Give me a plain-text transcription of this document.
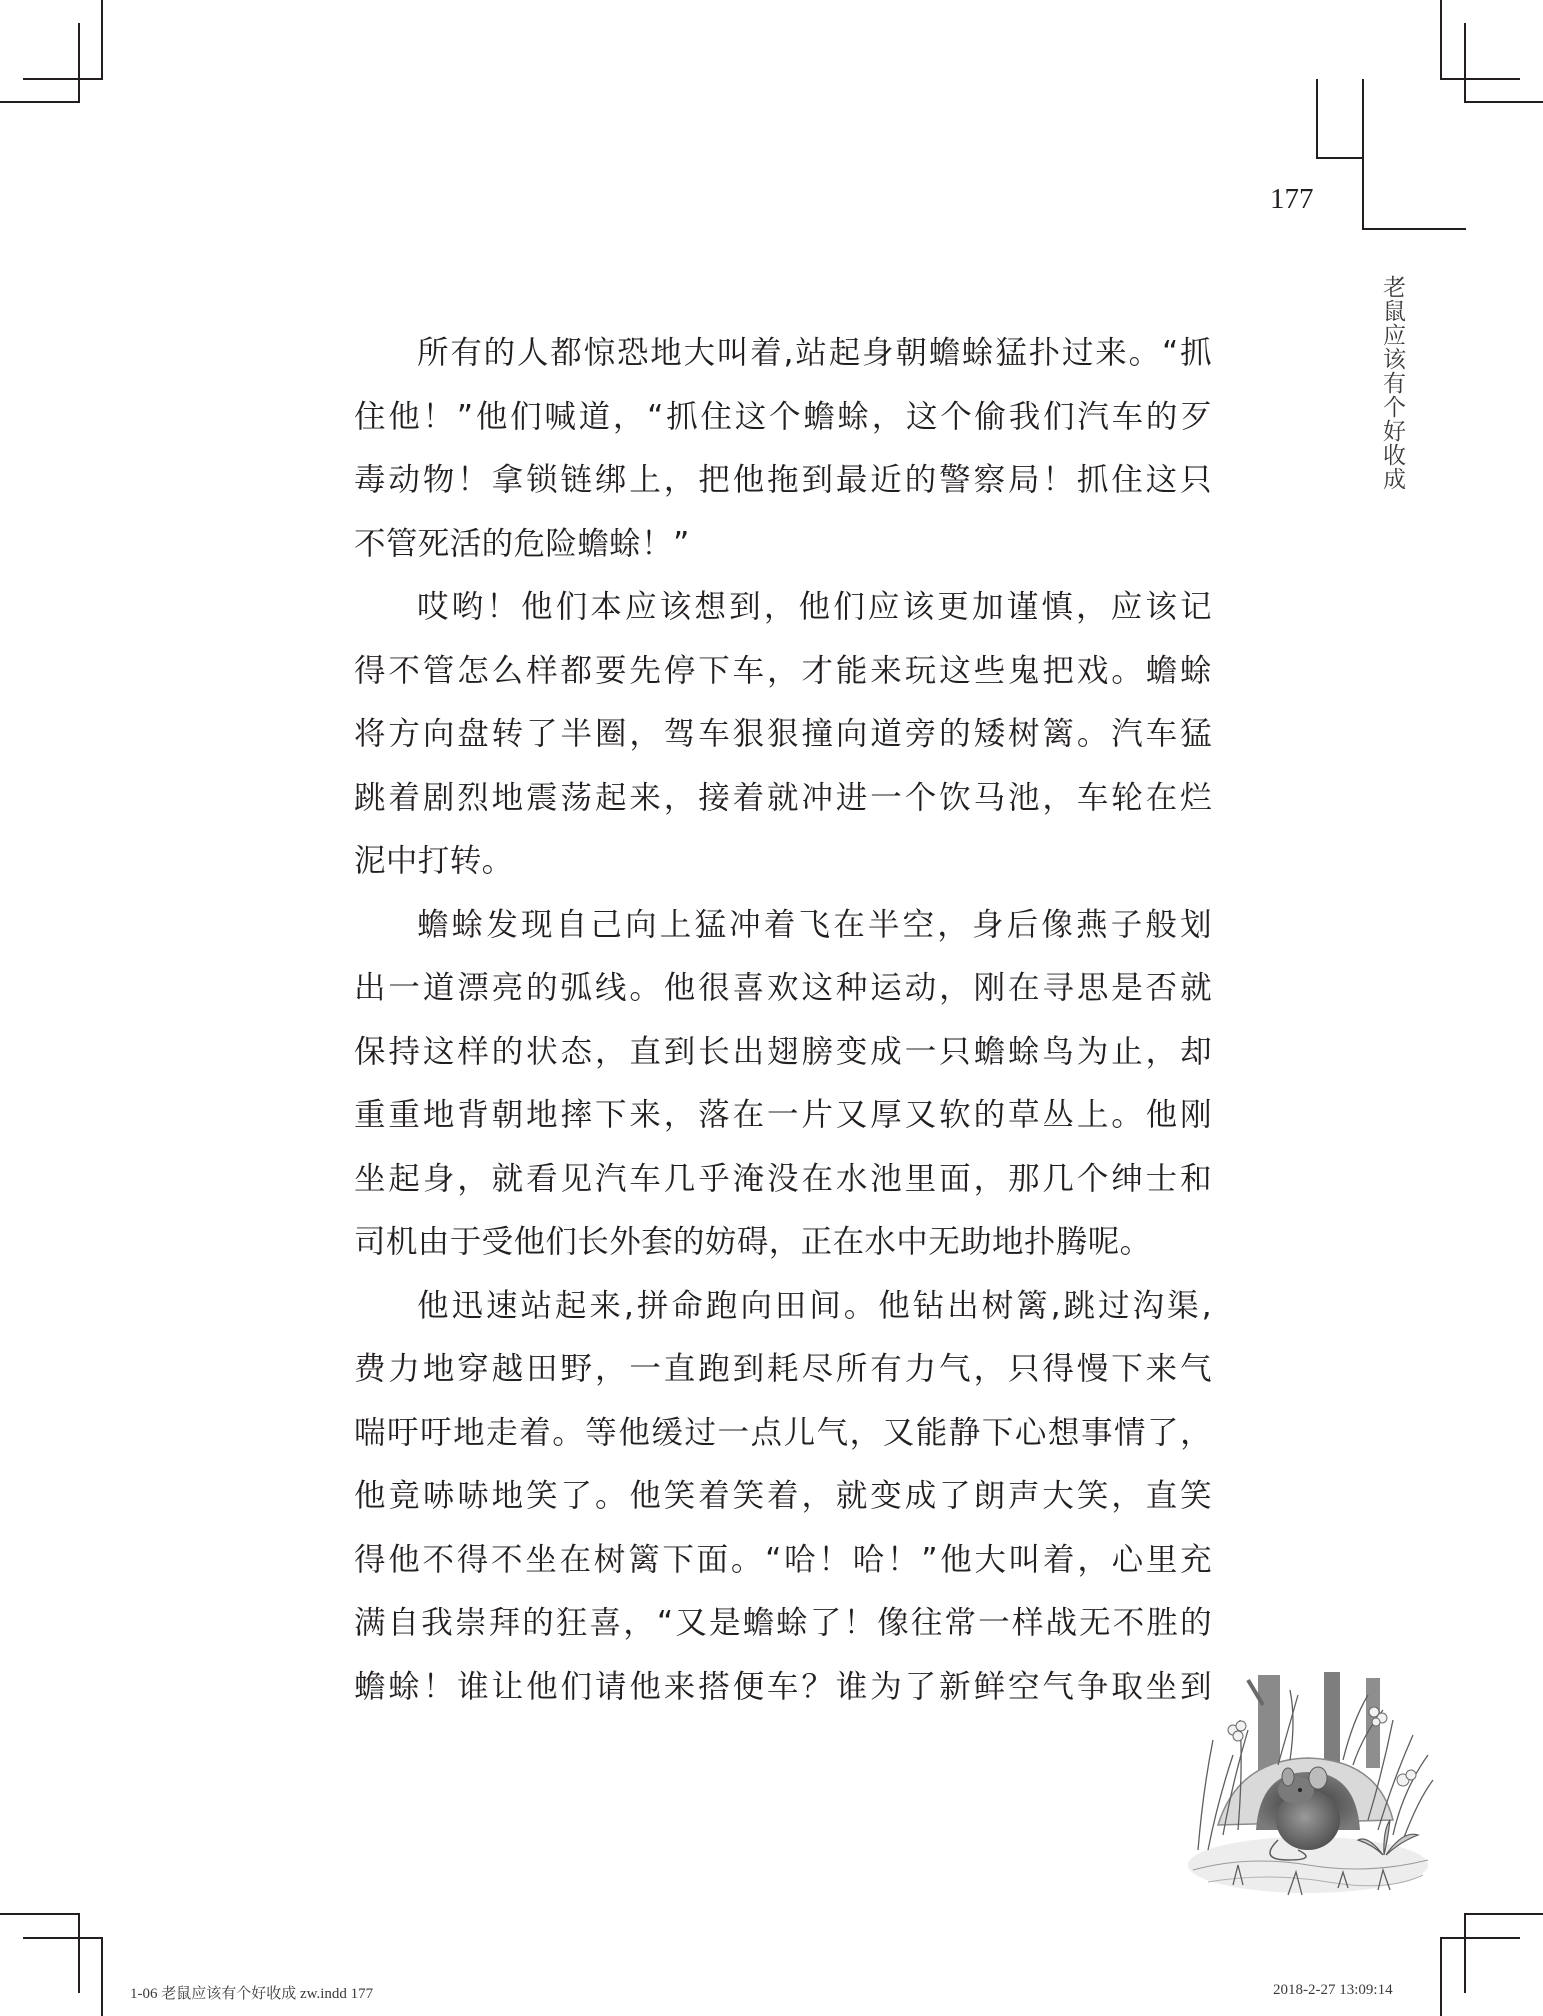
177
老鼠应该有个好收成

所有的人都惊恐地大叫着,站起身朝蟾蜍猛扑过来。“抓
住他！”他们喊道，“抓住这个蟾蜍，这个偷我们汽车的歹
毒动物！拿锁链绑上，把他拖到最近的警察局！抓住这只
不管死活的危险蟾蜍！”

哎哟！他们本应该想到，他们应该更加谨慎，应该记
得不管怎么样都要先停下车，才能来玩这些鬼把戏。蟾蜍
将方向盘转了半圈，驾车狠狠撞向道旁的矮树篱。汽车猛
跳着剧烈地震荡起来，接着就冲进一个饮马池，车轮在烂
泥中打转。

蟾蜍发现自己向上猛冲着飞在半空，身后像燕子般划
出一道漂亮的弧线。他很喜欢这种运动，刚在寻思是否就
保持这样的状态，直到长出翅膀变成一只蟾蜍鸟为止，却
重重地背朝地摔下来，落在一片又厚又软的草丛上。他刚
坐起身，就看见汽车几乎淹没在水池里面，那几个绅士和
司机由于受他们长外套的妨碍，正在水中无助地扑腾呢。

他迅速站起来,拼命跑向田间。他钻出树篱,跳过沟渠,
费力地穿越田野，一直跑到耗尽所有力气，只得慢下来气
喘吁吁地走着。等他缓过一点儿气，又能静下心想事情了，
他竟哧哧地笑了。他笑着笑着，就变成了朗声大笑，直笑
得他不得不坐在树篱下面。“哈！哈！”他大叫着，心里充
满自我崇拜的狂喜，“又是蟾蜍了！像往常一样战无不胜的
蟾蜍！谁让他们请他来搭便车？谁为了新鲜空气争取坐到

1-06 老鼠应该有个好收成 zw.indd 177	2018-2-27 13:09:14
